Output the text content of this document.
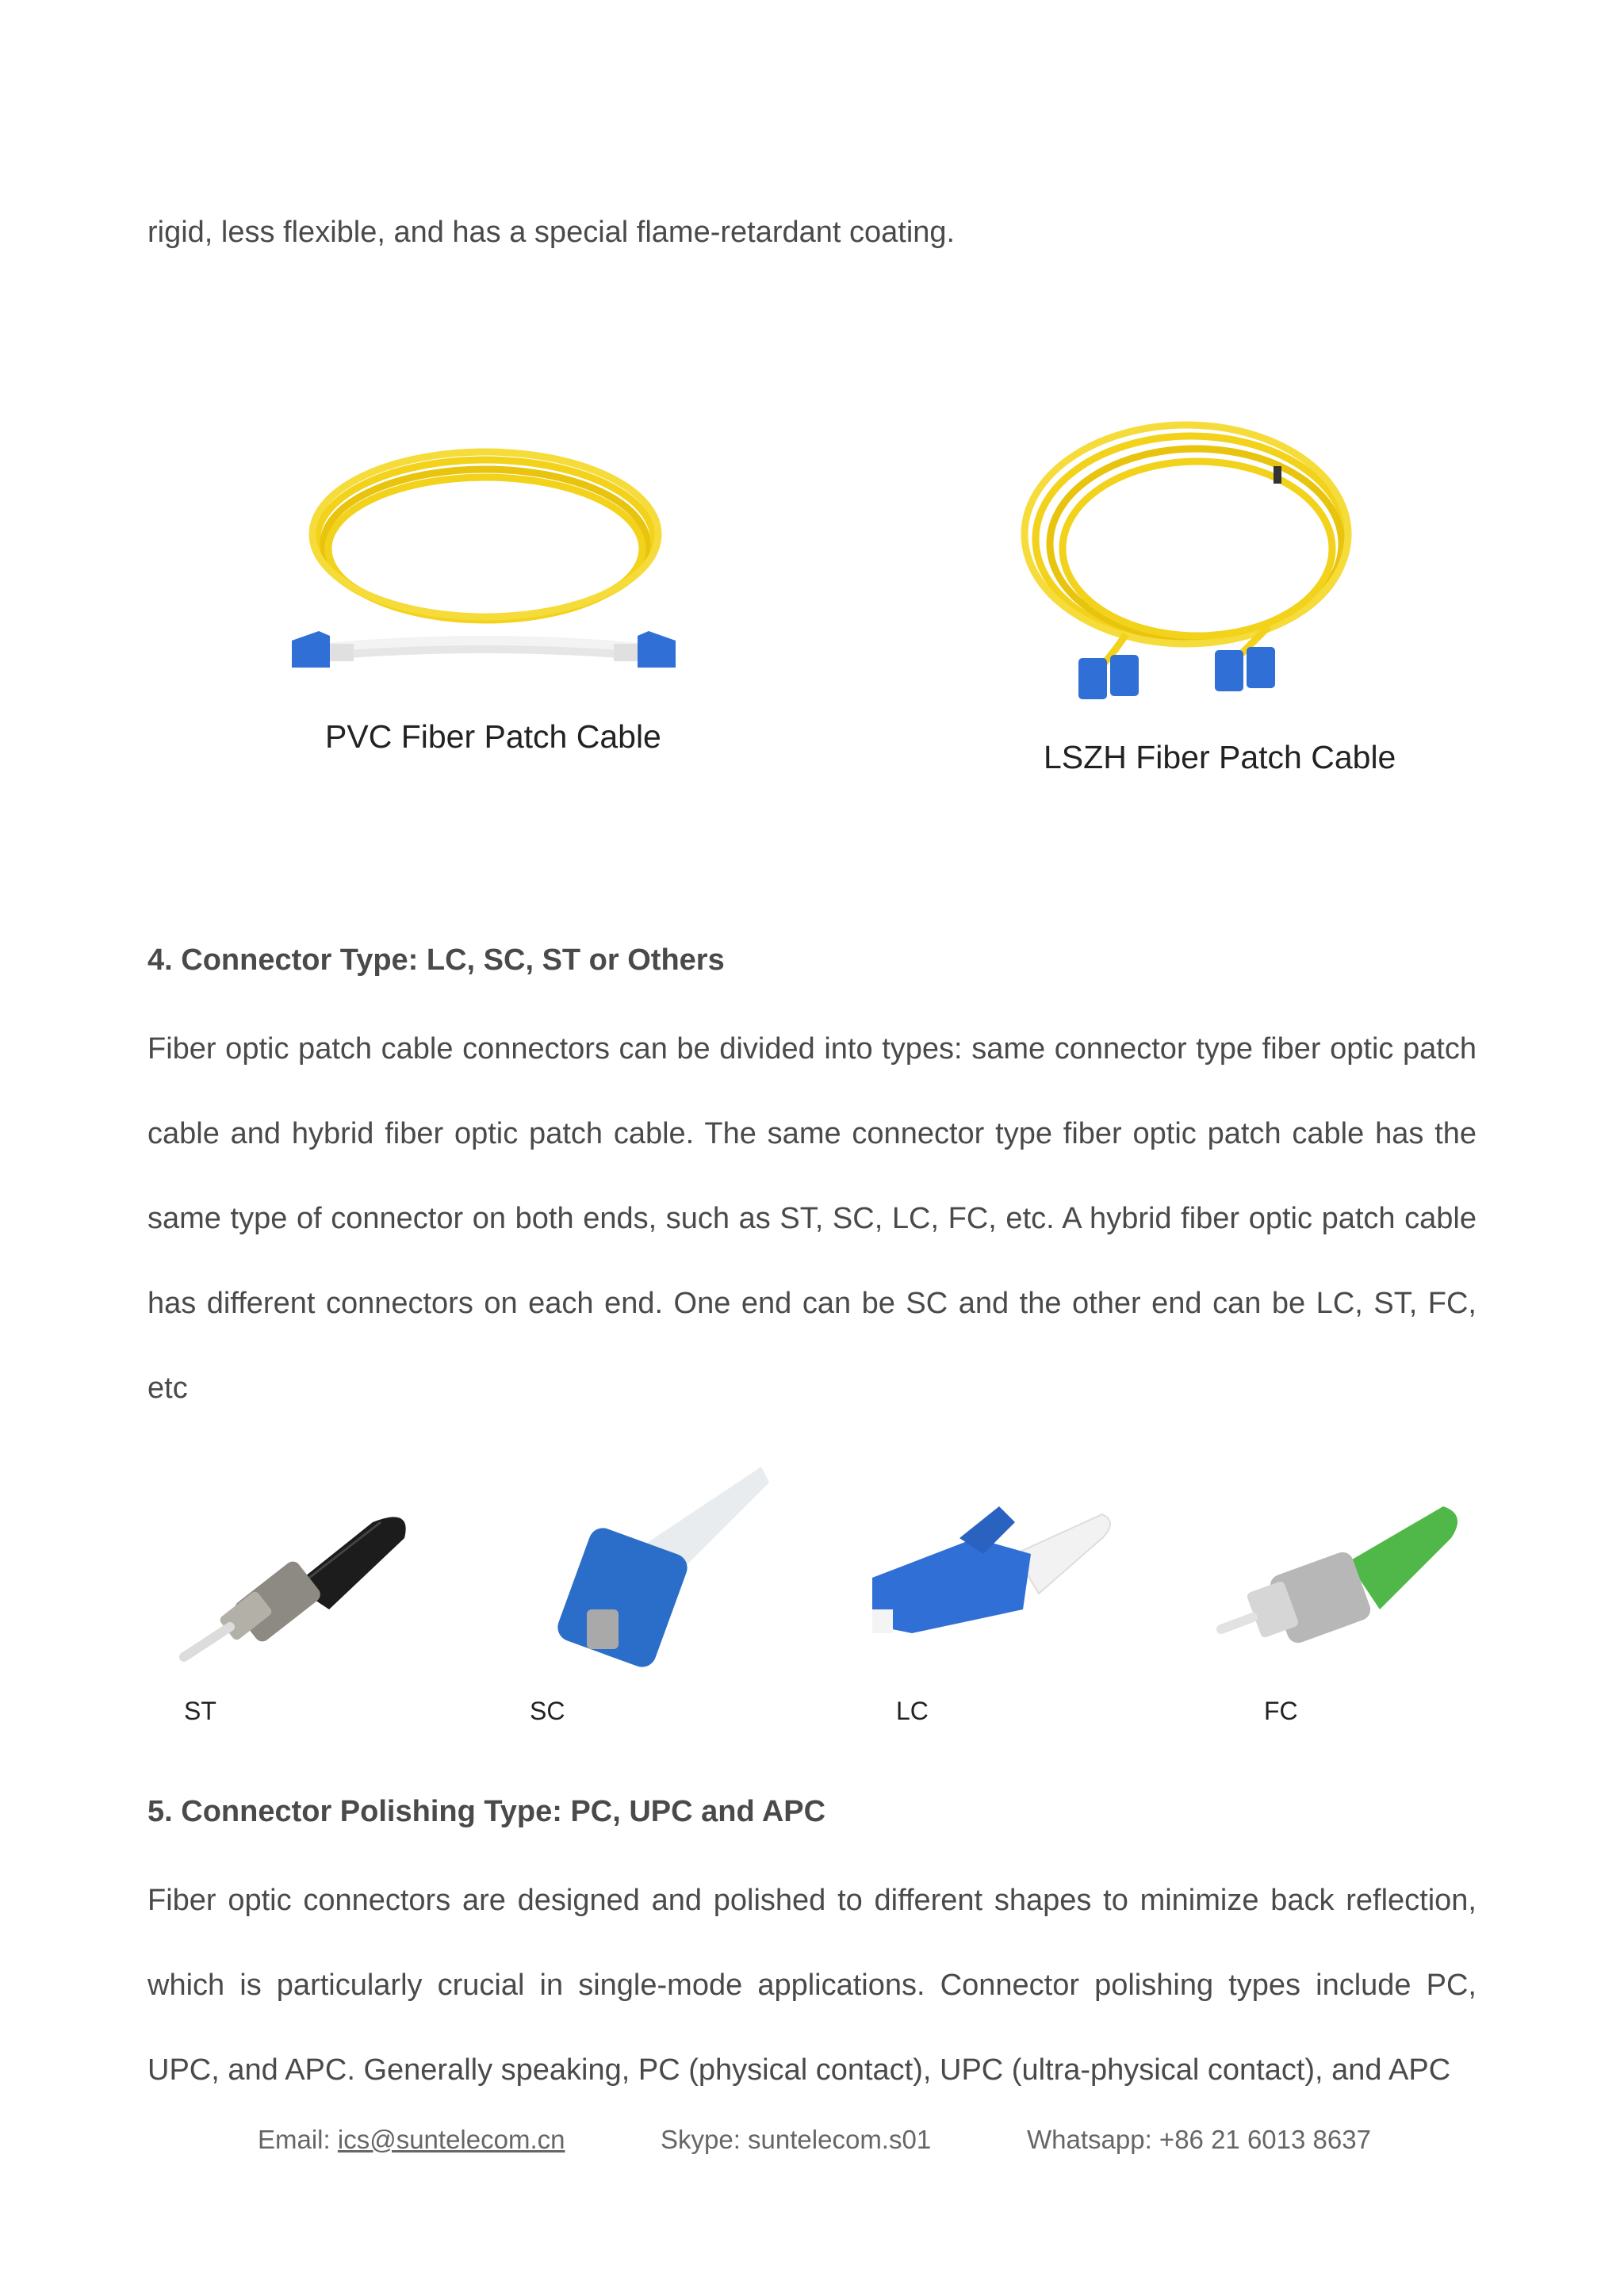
rigid, less flexible, and has a special flame-retardant coating.

PVC Fiber Patch Cable
LSZH Fiber Patch Cable
4. Connector Type: LC, SC, ST or Others

Fiber optic patch cable connectors can be divided into types: same connector type fiber optic patch cable and hybrid fiber optic patch cable. The same connector type fiber optic patch cable has the same type of connector on both ends, such as ST, SC, LC, FC, etc. A hybrid fiber optic patch cable has different connectors on each end. One end can be SC and the other end can be LC, ST, FC, etc

ST	SC	LC	FC
5. Connector Polishing Type: PC, UPC and APC

Fiber optic connectors are designed and polished to different shapes to minimize back reflection, which is particularly crucial in single-mode applications. Connector polishing types include PC, UPC, and APC. Generally speaking, PC (physical contact), UPC (ultra-physical contact), and APC

Email: ics@suntelecom.cn	Skype: suntelecom.s01	Whatsapp: +86 21 6013 8637
